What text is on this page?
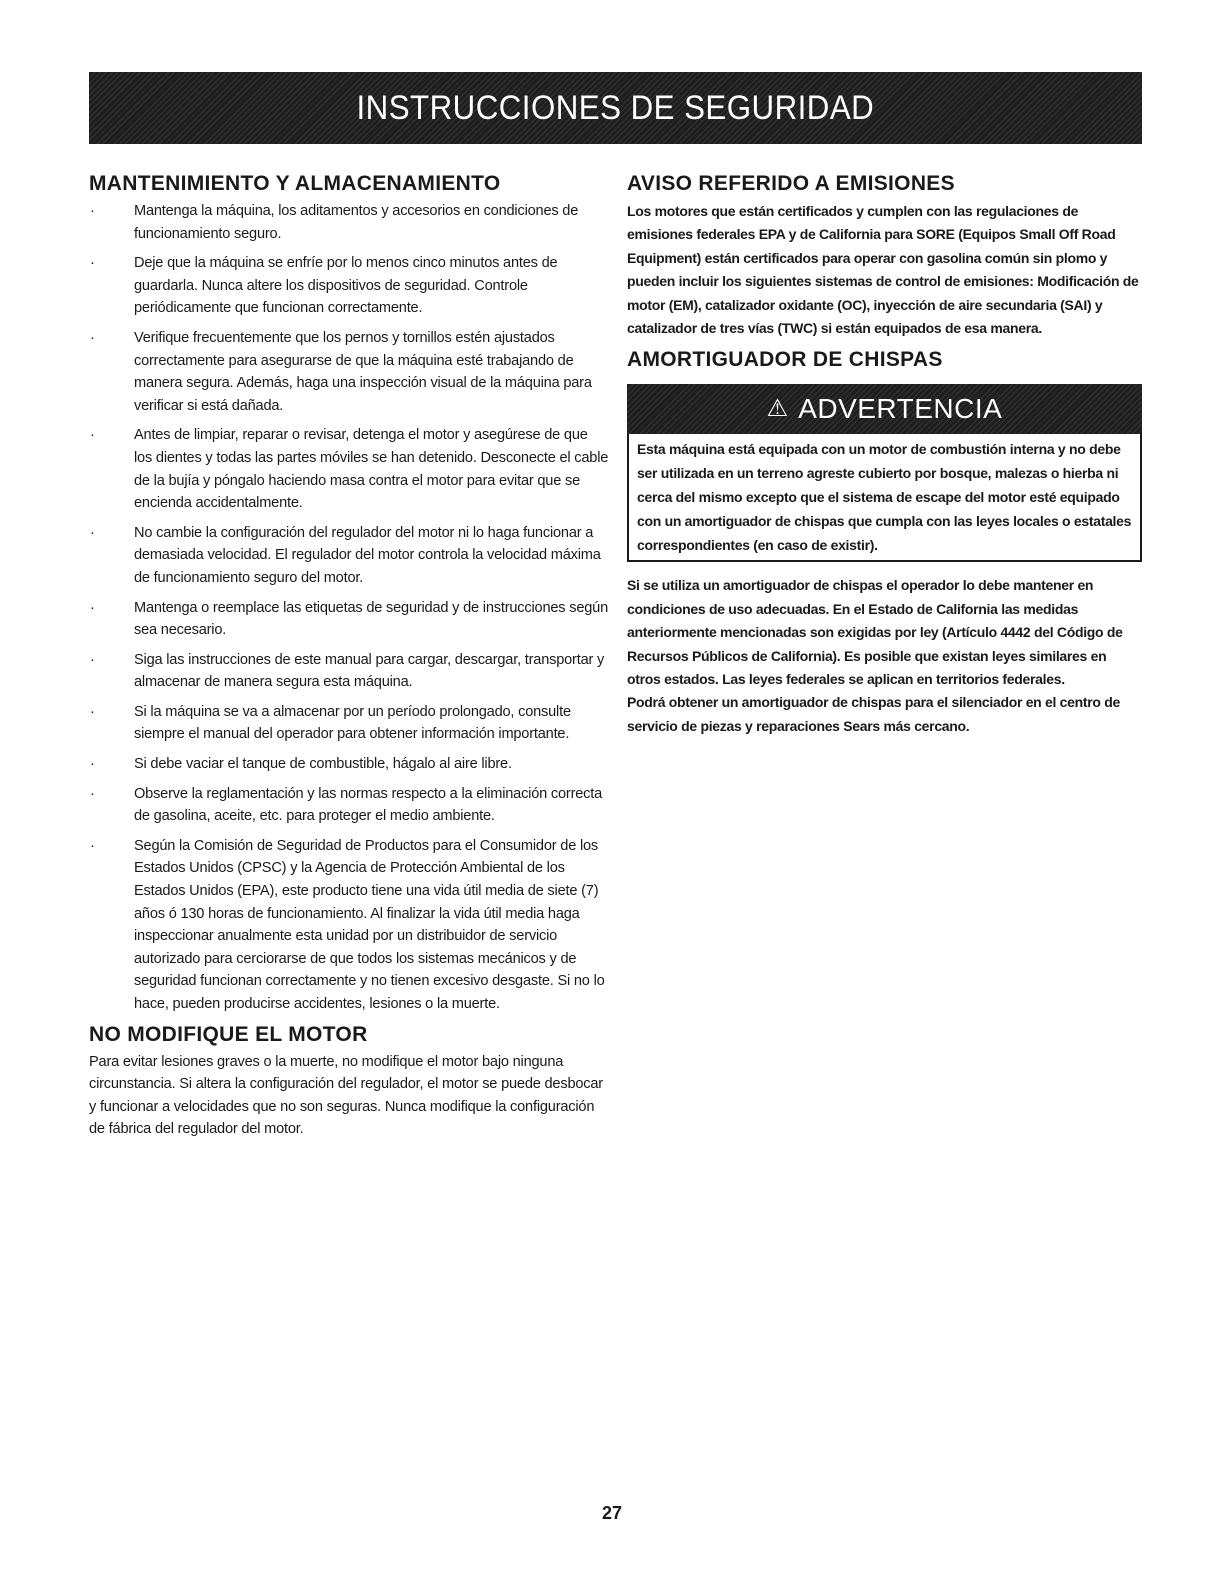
INSTRUCCIONES DE SEGURIDAD
MANTENIMIENTO Y ALMACENAMIENTO
·	Mantenga la máquina, los aditamentos y accesorios en condiciones de funcionamiento seguro.
·	Deje que la máquina se enfríe por lo menos cinco minutos antes de guardarla. Nunca altere los dispositivos de seguridad. Controle periódicamente que funcionan correctamente.
·	Verifique frecuentemente que los pernos y tornillos estén ajustados correctamente para asegurarse de que la máquina esté trabajando de manera segura. Además, haga una inspección visual de la máquina para verificar si está dañada.
·	Antes de limpiar, reparar o revisar, detenga el motor y asegúrese de que los dientes y todas las partes móviles se han detenido. Desconecte el cable de la bujía y póngalo haciendo masa contra el motor para evitar que se encienda accidentalmente.
·	No cambie la configuración del regulador del motor ni lo haga funcionar a demasiada velocidad. El regulador del motor controla la velocidad máxima de funcionamiento seguro del motor.
·	Mantenga o reemplace las etiquetas de seguridad y de instrucciones según sea necesario.
·	Siga las instrucciones de este manual para cargar, descargar, transportar y almacenar de manera segura esta máquina.
·	Si la máquina se va a almacenar por un período prolongado, consulte siempre el manual del operador para obtener información importante.
·	Si debe vaciar el tanque de combustible, hágalo al aire libre.
·	Observe la reglamentación y las normas respecto a la eliminación correcta de gasolina, aceite, etc. para proteger el medio ambiente.
·	Según la Comisión de Seguridad de Productos para el Consumidor de los Estados Unidos (CPSC) y la Agencia de Protección Ambiental de los Estados Unidos (EPA), este producto tiene una vida útil media de siete (7) años ó 130 horas de funcionamiento. Al finalizar la vida útil media haga inspeccionar anualmente esta unidad por un distribuidor de servicio autorizado para cerciorarse de que todos los sistemas mecánicos y de seguridad funcionan correctamente y no tienen excesivo desgaste. Si no lo hace, pueden producirse accidentes, lesiones o la muerte.
NO MODIFIQUE EL MOTOR

Para evitar lesiones graves o la muerte, no modifique el motor bajo ninguna circunstancia. Si altera la configuración del regulador, el motor se puede desbocar y funcionar a velocidades que no son seguras. Nunca modifique la configuración de fábrica del regulador del motor.

AVISO REFERIDO A EMISIONES

Los motores que están certificados y cumplen con las regulaciones de emisiones federales EPA y de California para SORE (Equipos Small Off Road Equipment) están certificados para operar con gasolina común sin plomo y pueden incluir los siguientes sistemas de control de emisiones: Modificación de motor (EM), catalizador oxidante (OC), inyección de aire secundaria (SAI) y catalizador de tres vías (TWC) si están equipados de esa manera.

AMORTIGUADOR DE CHISPAS
⚠ ADVERTENCIA

Esta máquina está equipada con un motor de combustión interna y no debe ser utilizada en un terreno agreste cubierto por bosque, malezas o hierba ni cerca del mismo excepto que el sistema de escape del motor esté equipado con un amortiguador de chispas que cumpla con las leyes locales o estatales correspondientes (en caso de existir).

Si se utiliza un amortiguador de chispas el operador lo debe mantener en condiciones de uso adecuadas. En el Estado de California las medidas anteriormente mencionadas son exigidas por ley (Artículo 4442 del Código de Recursos Públicos de California). Es posible que existan leyes similares en otros estados. Las leyes federales se aplican en territorios federales.

Podrá obtener un amortiguador de chispas para el silenciador en el centro de servicio de piezas y reparaciones Sears más cercano.

27
